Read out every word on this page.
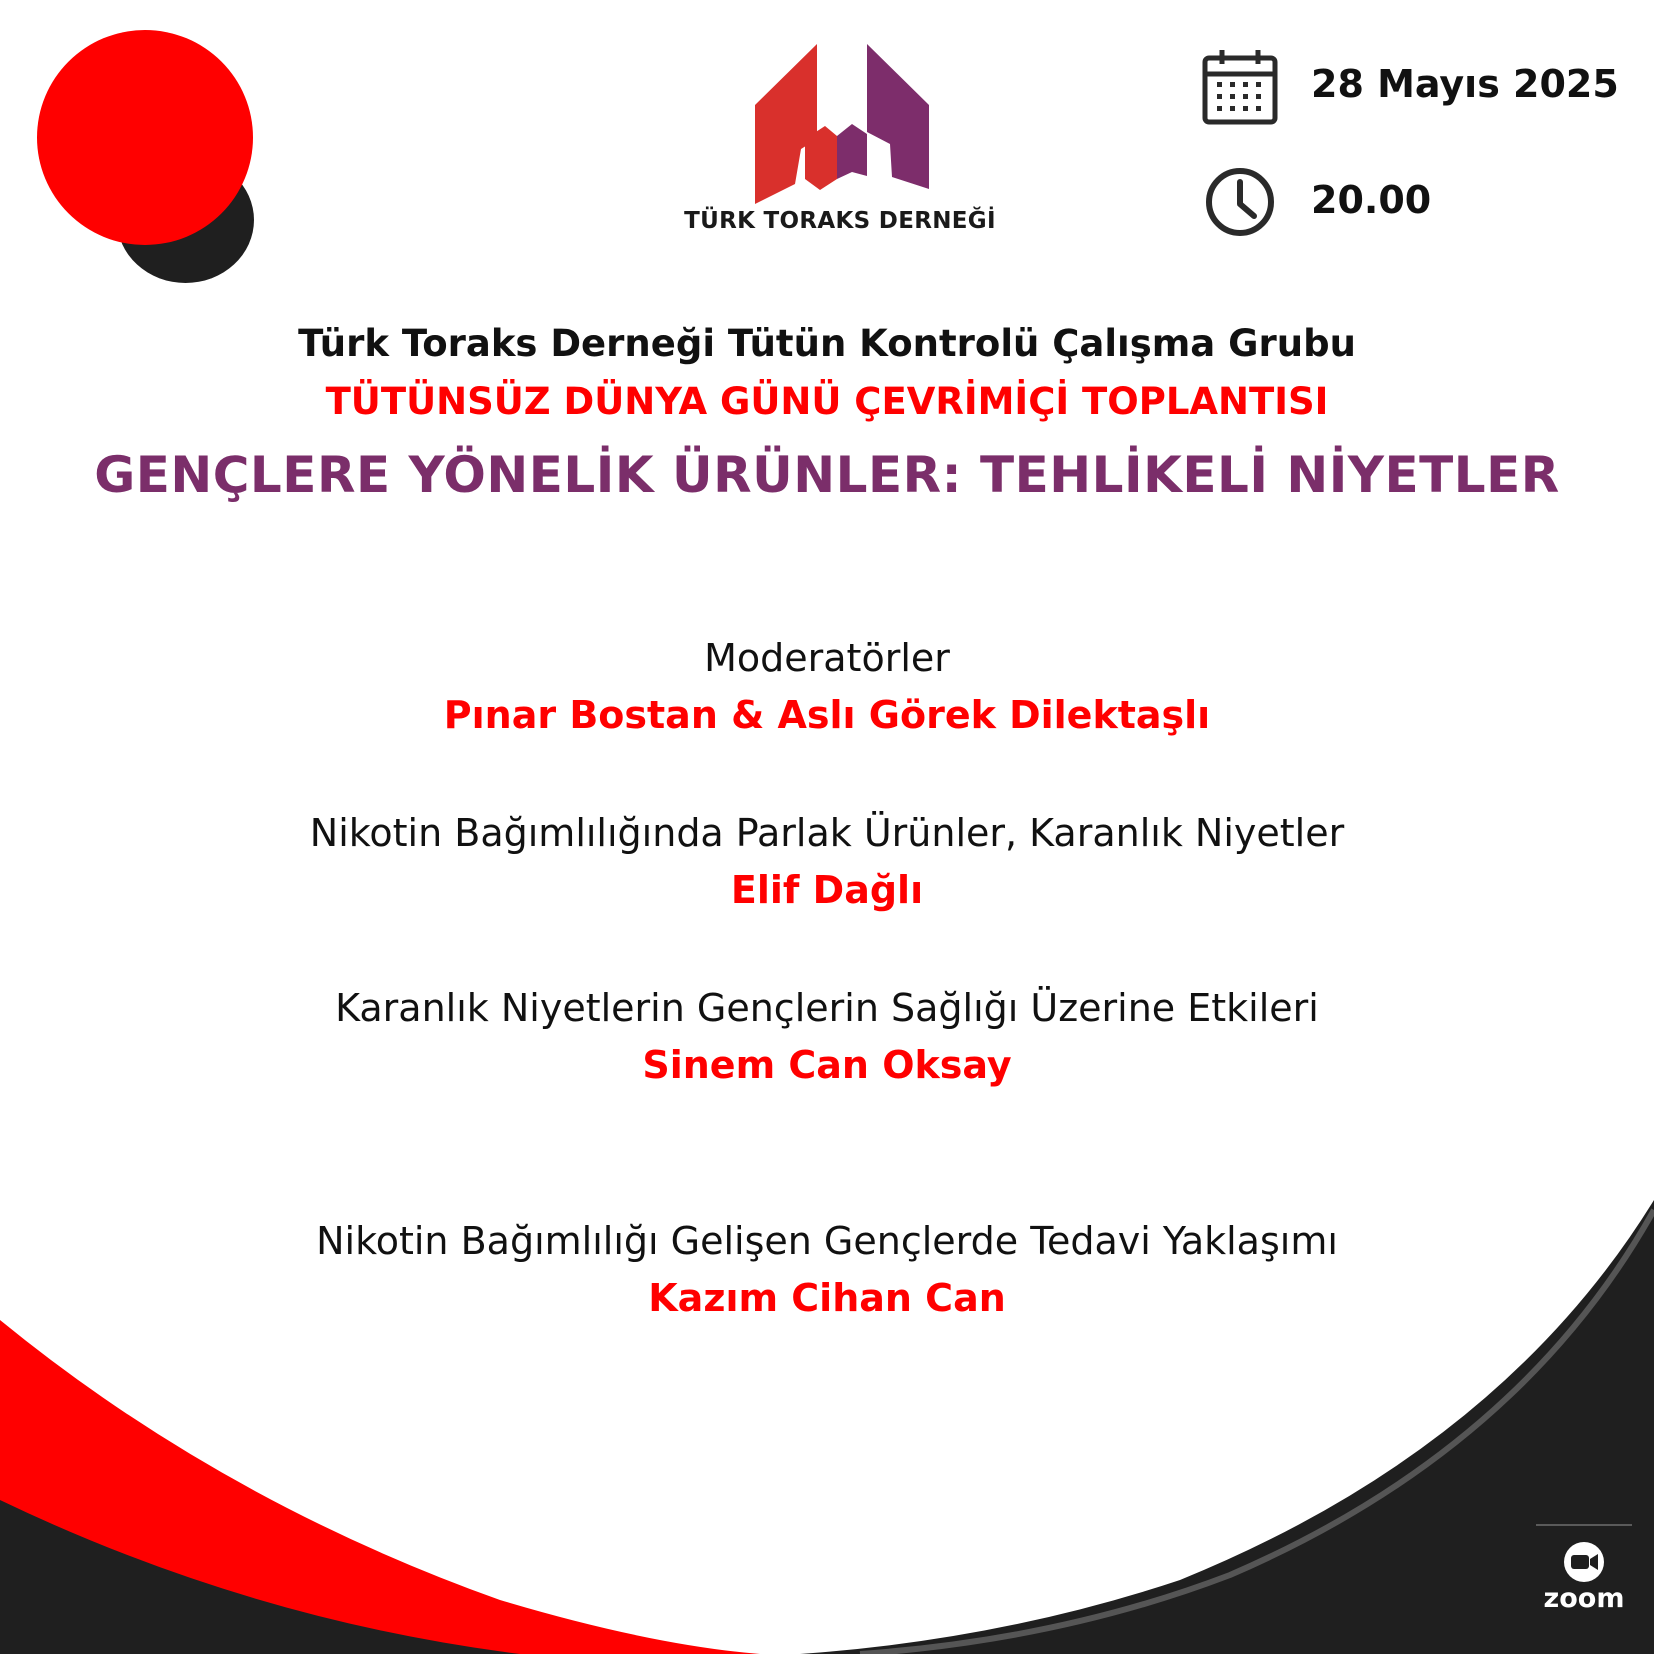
TÜRK TORAKS DERNEĞİ
28 Mayıs 2025
20.00
Türk Toraks Derneği Tütün Kontrolü Çalışma Grubu
TÜTÜNSÜZ DÜNYA GÜNÜ ÇEVRİMİÇİ TOPLANTISI
GENÇLERE YÖNELİK ÜRÜNLER: TEHLİKELİ NİYETLER
Moderatörler
Pınar Bostan & Aslı Görek Dilektaşlı
Nikotin Bağımlılığında Parlak Ürünler, Karanlık Niyetler
Elif Dağlı
Karanlık Niyetlerin Gençlerin Sağlığı Üzerine Etkileri
Sinem Can Oksay
Nikotin Bağımlılığı Gelişen Gençlerde Tedavi Yaklaşımı
Kazım Cihan Can
zoom
